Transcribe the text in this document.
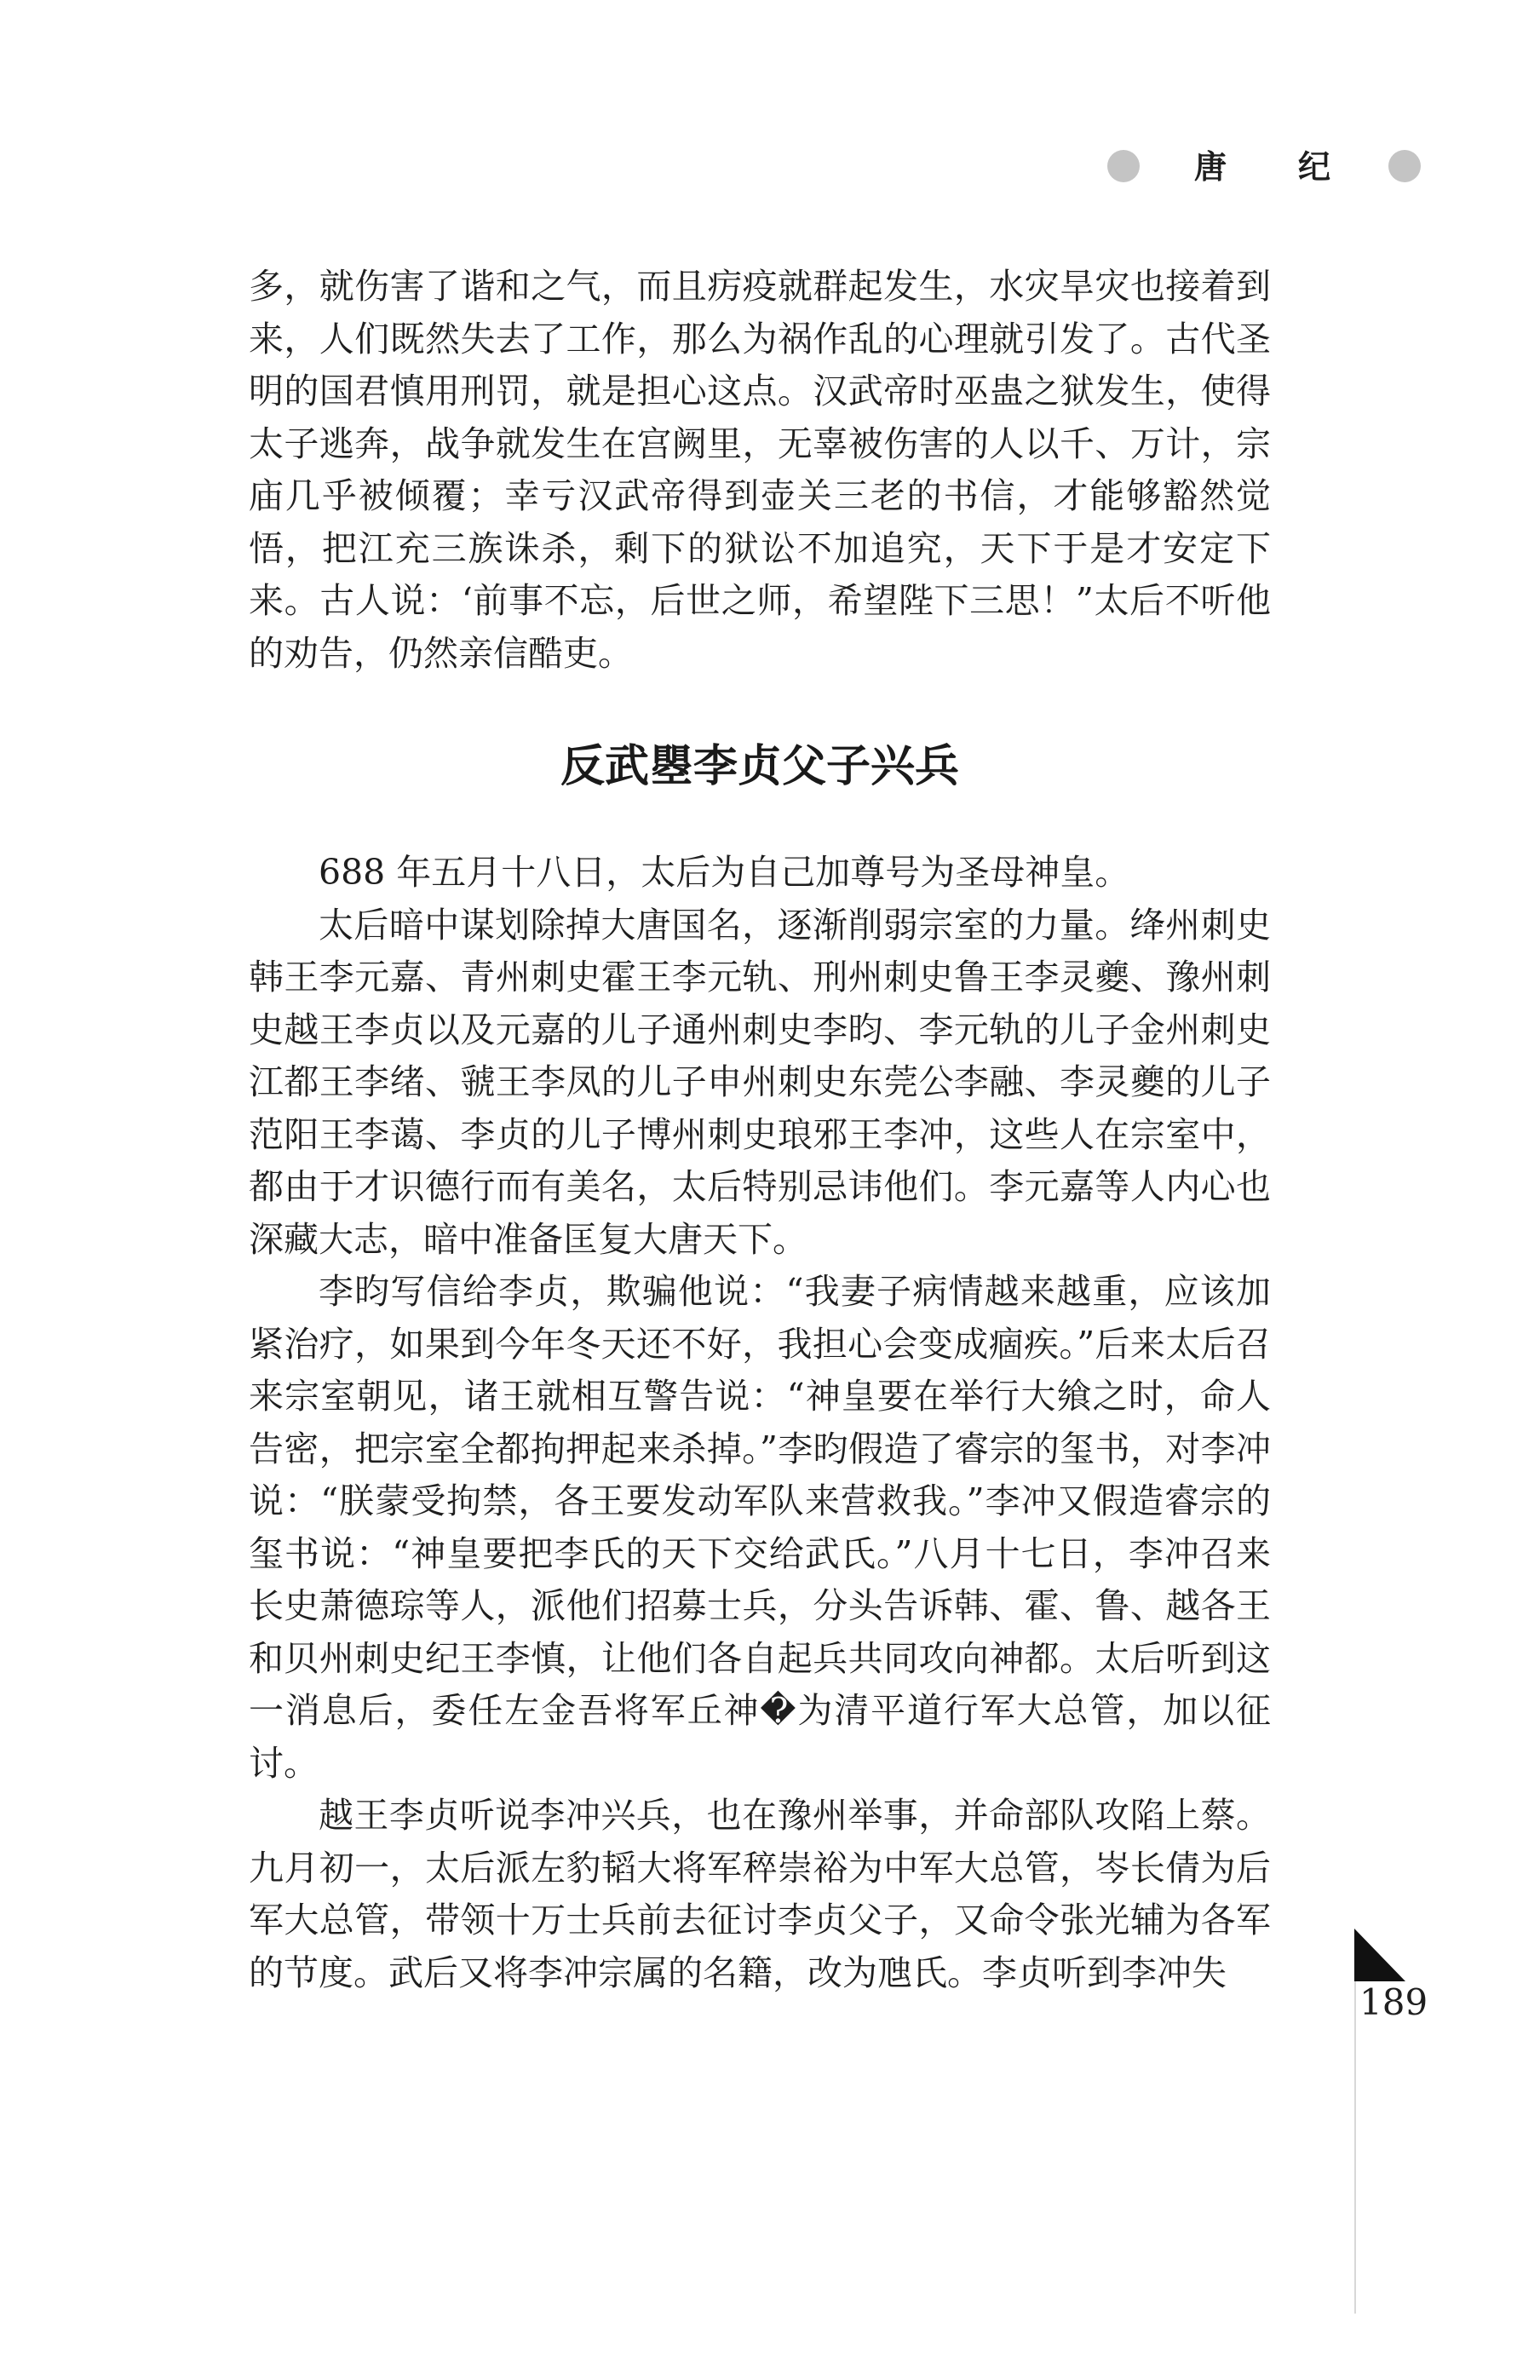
唐 纪

多，就伤害了谐和之气，而且疠疫就群起发生，水灾旱灾也接着到来，人们既然失去了工作，那么为祸作乱的心理就引发了。古代圣明的国君慎用刑罚，就是担心这点。汉武帝时巫蛊之狱发生，使得太子逃奔，战争就发生在宫阙里，无辜被伤害的人以千、万计，宗庙几乎被倾覆；幸亏汉武帝得到壶关三老的书信，才能够豁然觉悟，把江充三族诛杀，剩下的狱讼不加追究，天下于是才安定下来。古人说：‘前事不忘，后世之师，希望陛下三思！”太后不听他的劝告，仍然亲信酷吏。

反武瞾李贞父子兴兵

688 年五月十八日，太后为自己加尊号为圣母神皇。

太后暗中谋划除掉大唐国名，逐渐削弱宗室的力量。绛州刺史韩王李元嘉、青州刺史霍王李元轨、刑州刺史鲁王李灵夔、豫州刺史越王李贞以及元嘉的儿子通州刺史李昀、李元轨的儿子金州刺史江都王李绪、虢王李凤的儿子申州刺史东莞公李融、李灵夔的儿子范阳王李蔼、李贞的儿子博州刺史琅邪王李冲，这些人在宗室中，都由于才识德行而有美名，太后特别忌讳他们。李元嘉等人内心也深藏大志，暗中准备匡复大唐天下。

李昀写信给李贞，欺骗他说：“我妻子病情越来越重，应该加紧治疗，如果到今年冬天还不好，我担心会变成痼疾。”后来太后召来宗室朝见，诸王就相互警告说：“神皇要在举行大飨之时，命人告密，把宗室全都拘押起来杀掉。”李昀假造了睿宗的玺书，对李冲说：“朕蒙受拘禁，各王要发动军队来营救我。”李冲又假造睿宗的玺书说：“神皇要把李氏的天下交给武氏。”八月十七日，李冲召来长史萧德琮等人，派他们招募士兵，分头告诉韩、霍、鲁、越各王和贝州刺史纪王李慎，让他们各自起兵共同攻向神都。太后听到这一消息后，委任左金吾将军丘神�为清平道行军大总管，加以征讨。

越王李贞听说李冲兴兵，也在豫州举事，并命部队攻陷上蔡。九月初一，太后派左豹韬大将军稡崇裕为中军大总管，岑长倩为后军大总管，带领十万士兵前去征讨李贞父子，又命令张光辅为各军的节度。武后又将李冲宗属的名籍，改为虺氏。李贞听到李冲失

189
